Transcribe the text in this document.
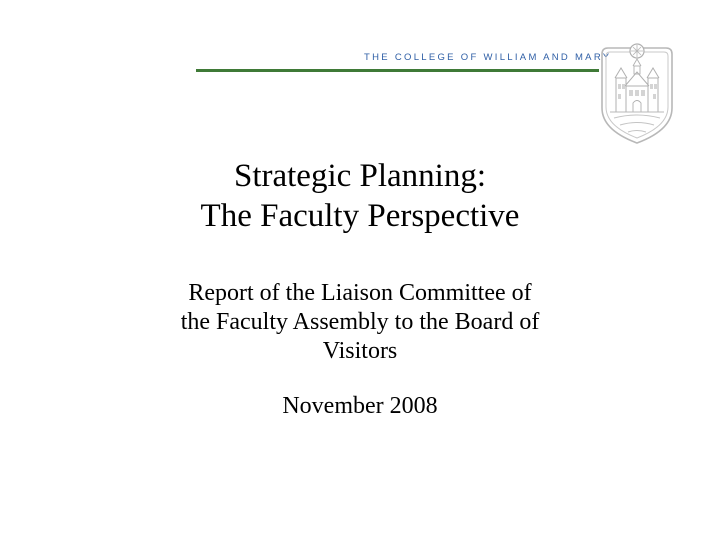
THE COLLEGE OF WILLIAM AND MARY
Strategic Planning:
The Faculty Perspective
Report of the Liaison Committee of
the Faculty Assembly to the Board of
Visitors
November 2008
